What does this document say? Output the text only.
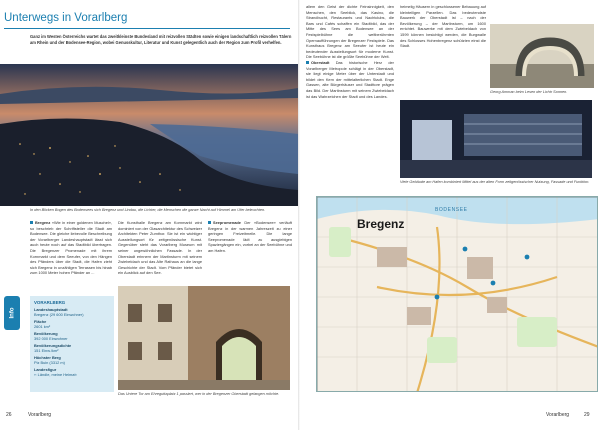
Unterwegs in Vorarlberg
Ganz im Westen Österreichs wartet das zweitkleinste Bundesland mit reizvollen Städten sowie einigen landschaftlich reizvollen Tälern am Rhein und der Bodensee-Region, wobei Genusskultur, Literatur und Kunst gelegentlich auch der Region zum Profil verhelfen.
In den Blicken Bogen des Bodensees sich Bregenz und Lindau, die Lichter, die Menschen die ganze Nacht auf Himmel am Ufer beleuchten.
Bregenz «Wie in einer goldenen Muschel», so beschrieb der Schriftsteller die Stadt am Bodensee. Die gleiche liebevolle Beschreibung der Vorarlberger Landeshauptstadt lässt sich auch heute noch auf das Stadtbild übertragen. Die Bregenzer Promenade mit ihrem Kornmarkt und dem Seeufer, von den Hängen des Pfänders über die Stadt, die Hafen zieht sich Bregenz in unzähligen Terrassen bis hinab zum 1000 Meter hohen Pfänder an ...
Die Kunsthalle Bregenz am Kornmarkt wird dominiert von der Glasarchitektur des Schweizer Architekten Peter Zumthor. Sie ist ein wichtiger Ausstellungsort für zeitgenössische Kunst. Gegenüber steht das Vorarlberg Museum mit seiner ungewöhnlichen Fassade. In der Oberstadt erinnern der Martinsturm mit seinem Zwiebeldach und das Alte Rathaus an die lange Geschichte der Stadt. Vom Pfänder bietet sich ein Ausblick auf den See.
Seepromenade Der «Bodensee» verläuft Bregenz in der warmen Jahreszeit zu einer geringen Freizeitmeile. Die lange Seepromenade lädt zu ausgiebigen Spaziergängen ein, vorbei an der Seebühne und am Hafen.
Info
VORARLBERG
Landeshauptstadt
Bregenz (29 600 Einwohner)
Fläche
2601 km²
Bevölkerung
392 000 Einwohner
Bevölkerungsdichte
151 Einw./km²
Höchster Berg
Piz Buin (3312 m)
Landesfigur
›‹ Ländle, meine Heimat‹
Das Untere Tor am Ehreguttaplatz 1 passiert, wer in der Bregenzer Oberstadt gelangen möchte.
26	Vorarlberg
allem den Geist der dichte Feinsinnigkeit, den Menschen, den Seeblick, das Kasino, die Strandbucht, Restaurants und Nachtclubs, die Bars und Cafés schaffen ein Stadtbild, das der Mitte des Sees am Bodensee an der Festspielbühne die weltberühmten Opernaufführungen der Bregenzer Festspiele. Das Kunsthaus Bregenz am Seeufer ist heute ein bedeutender Ausstellungsort für moderne Kunst. Die Seebühne ist die größte Seebühne der Welt.
Oberstadt Das historische Herz der Vorarlberger Metropole schlägt in der Oberstadt, sie liegt einige Meter über der Unterstadt und bildet den Kern der mittelalterlichen Stadt. Enge Gassen, alte Bürgerhäuser und Stadttore prägen das Bild. Der Martinsturm mit seinem Zwiebeldach ist das Wahrzeichen der Stadt und des Landes.
heimelig Häusern in geschlossener Bebauung auf kleinteiligen Parzellen. Das bedeutendste Bauwerk der Oberstadt ist – nach der Bevölkerung – der Martinsturm, um 1600 errichtet. Bauwerke mit dem Zwiebeldach von 1599 können besichtigt werden, die Burgwalle des Schlosses Hohenbregenz schützten einst die Stadt.
Georg Amman beim Lesen der Lichtr Sonnen.
Viele Gebäude am Hafen kombiniert Mittel aus der alten Form zeitgenössischer Nutzung, Fassade und Funktion.
BODENSEE
Bregenz
Vorarlberg	29
